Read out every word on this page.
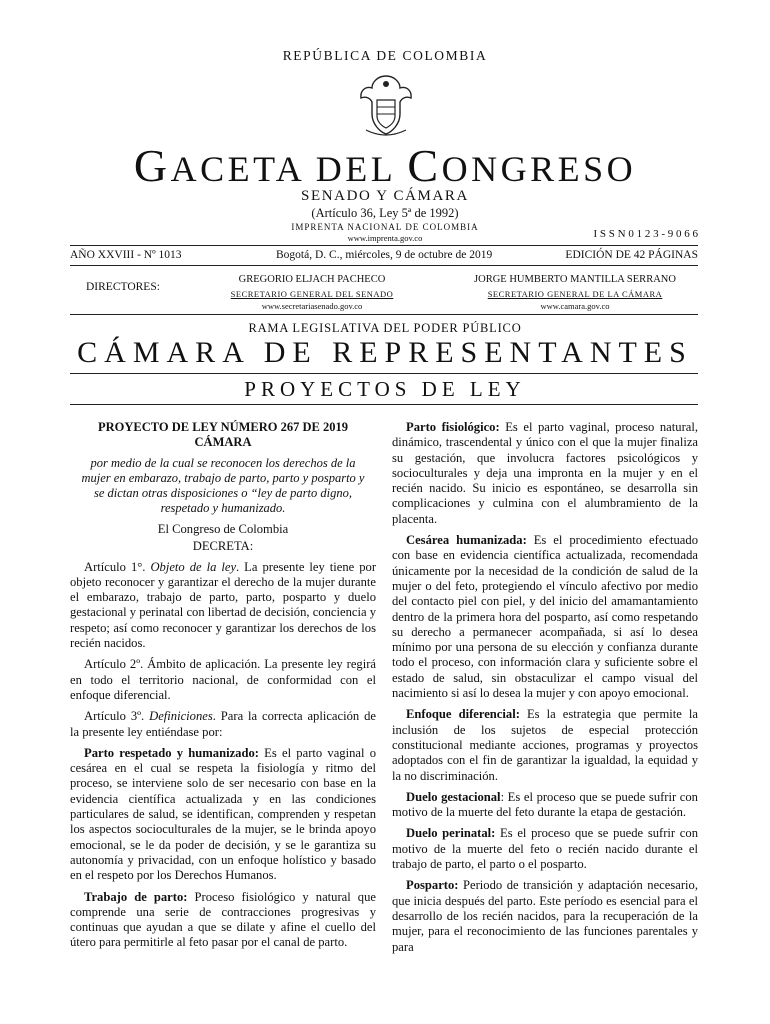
REPÚBLICA DE COLOMBIA
GACETA DEL CONGRESO
SENADO Y CÁMARA
(Artículo 36, Ley 5ª de 1992)
IMPRENTA NACIONAL DE COLOMBIA
www.imprenta.gov.co	I S S N 0 1 2 3 - 9 0 6 6
AÑO XXVIII - Nº 1013	Bogotá, D. C., miércoles, 9 de octubre de 2019	EDICIÓN DE 42 PÁGINAS
DIRECTORES:
GREGORIO ELJACH PACHECO
SECRETARIO GENERAL DEL SENADO
www.secretariasenado.gov.co
JORGE HUMBERTO MANTILLA SERRANO
SECRETARIO GENERAL DE LA CÁMARA
www.camara.gov.co
RAMA LEGISLATIVA DEL PODER PÚBLICO
CÁMARA DE REPRESENTANTES
PROYECTOS DE LEY
PROYECTO DE LEY NÚMERO 267 DE 2019 CÁMARA
por medio de la cual se reconocen los derechos de la mujer en embarazo, trabajo de parto, parto y posparto y se dictan otras disposiciones o “ley de parto digno, respetado y humanizado.
El Congreso de Colombia
DECRETA:

Artículo 1°. Objeto de la ley. La presente ley tiene por objeto reconocer y garantizar el derecho de la mujer durante el embarazo, trabajo de parto, parto, posparto y duelo gestacional y perinatal con libertad de decisión, conciencia y respeto; así como reconocer y garantizar los derechos de los recién nacidos.

Artículo 2º. Ámbito de aplicación. La presente ley regirá en todo el territorio nacional, de conformidad con el enfoque diferencial.

Artículo 3º. Definiciones. Para la correcta aplicación de la presente ley entiéndase por:

Parto respetado y humanizado: Es el parto vaginal o cesárea en el cual se respeta la fisiología y ritmo del proceso, se interviene solo de ser necesario con base en la evidencia científica actualizada y en las condiciones particulares de salud, se identifican, comprenden y respetan los aspectos socioculturales de la mujer, se le brinda apoyo emocional, se le da poder de decisión, y se le garantiza su autonomía y privacidad, con un enfoque holístico y basado en el respeto por los Derechos Humanos.

Trabajo de parto: Proceso fisiológico y natural que comprende una serie de contracciones progresivas y continuas que ayudan a que se dilate y afine el cuello del útero para permitirle al feto pasar por el canal de parto.

Parto fisiológico: Es el parto vaginal, proceso natural, dinámico, trascendental y único con el que la mujer finaliza su gestación, que involucra factores psicológicos y socioculturales y deja una impronta en la mujer y en el recién nacido. Su inicio es espontáneo, se desarrolla sin complicaciones y culmina con el alumbramiento de la placenta.

Cesárea humanizada: Es el procedimiento efectuado con base en evidencia científica actualizada, recomendada únicamente por la necesidad de la condición de salud de la mujer o del feto, protegiendo el vínculo afectivo por medio del contacto piel con piel, y del inicio del amamantamiento dentro de la primera hora del posparto, así como respetando su derecho a permanecer acompañada, si así lo desea mínimo por una persona de su elección y confianza durante todo el proceso, con información clara y suficiente sobre el estado de salud, sin obstaculizar el campo visual del nacimiento si así lo desea la mujer y con apoyo emocional.

Enfoque diferencial: Es la estrategia que permite la inclusión de los sujetos de especial protección constitucional mediante acciones, programas y proyectos adoptados con el fin de garantizar la igualdad, la equidad y la no discriminación.

Duelo gestacional: Es el proceso que se puede sufrir con motivo de la muerte del feto durante la etapa de gestación.

Duelo perinatal: Es el proceso que se puede sufrir con motivo de la muerte del feto o recién nacido durante el trabajo de parto, el parto o el posparto.

Posparto: Periodo de transición y adaptación necesario, que inicia después del parto. Este período es esencial para el desarrollo de los recién nacidos, para la recuperación de la mujer, para el reconocimiento de las funciones parentales y para
